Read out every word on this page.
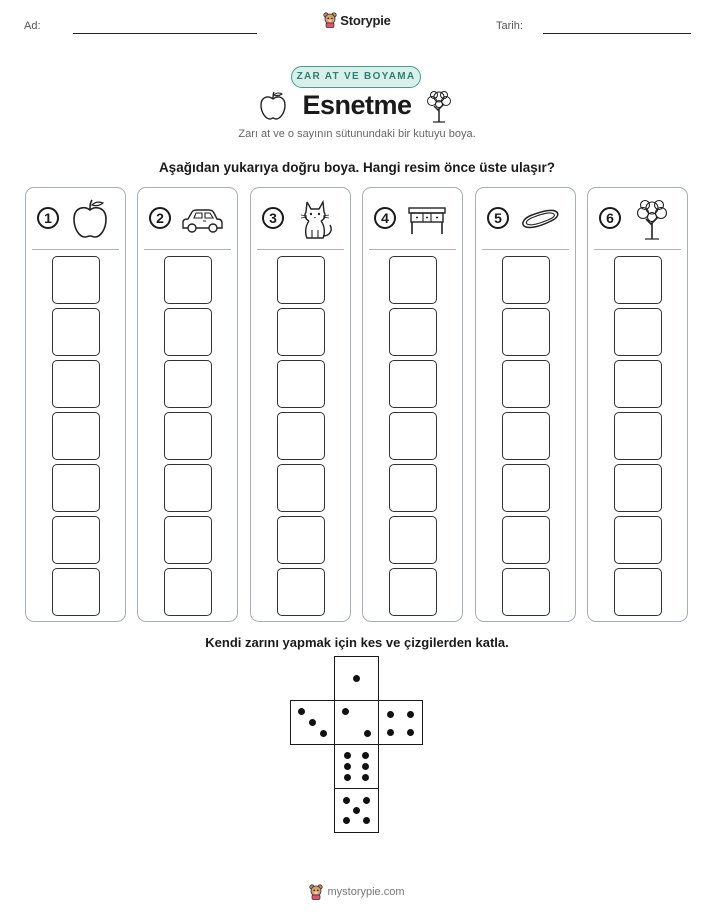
Ad:	Tarih:
Storypie
ZAR AT VE BOYAMA
Esnetme
Zarı at ve o sayının sütunundaki bir kutuyu boya.
Aşağıdan yukarıya doğru boya. Hangi resim önce üste ulaşır?
1	2	3	4	5	6
Kendi zarını yapmak için kes ve çizgilerden katla.
mystorypie.com
